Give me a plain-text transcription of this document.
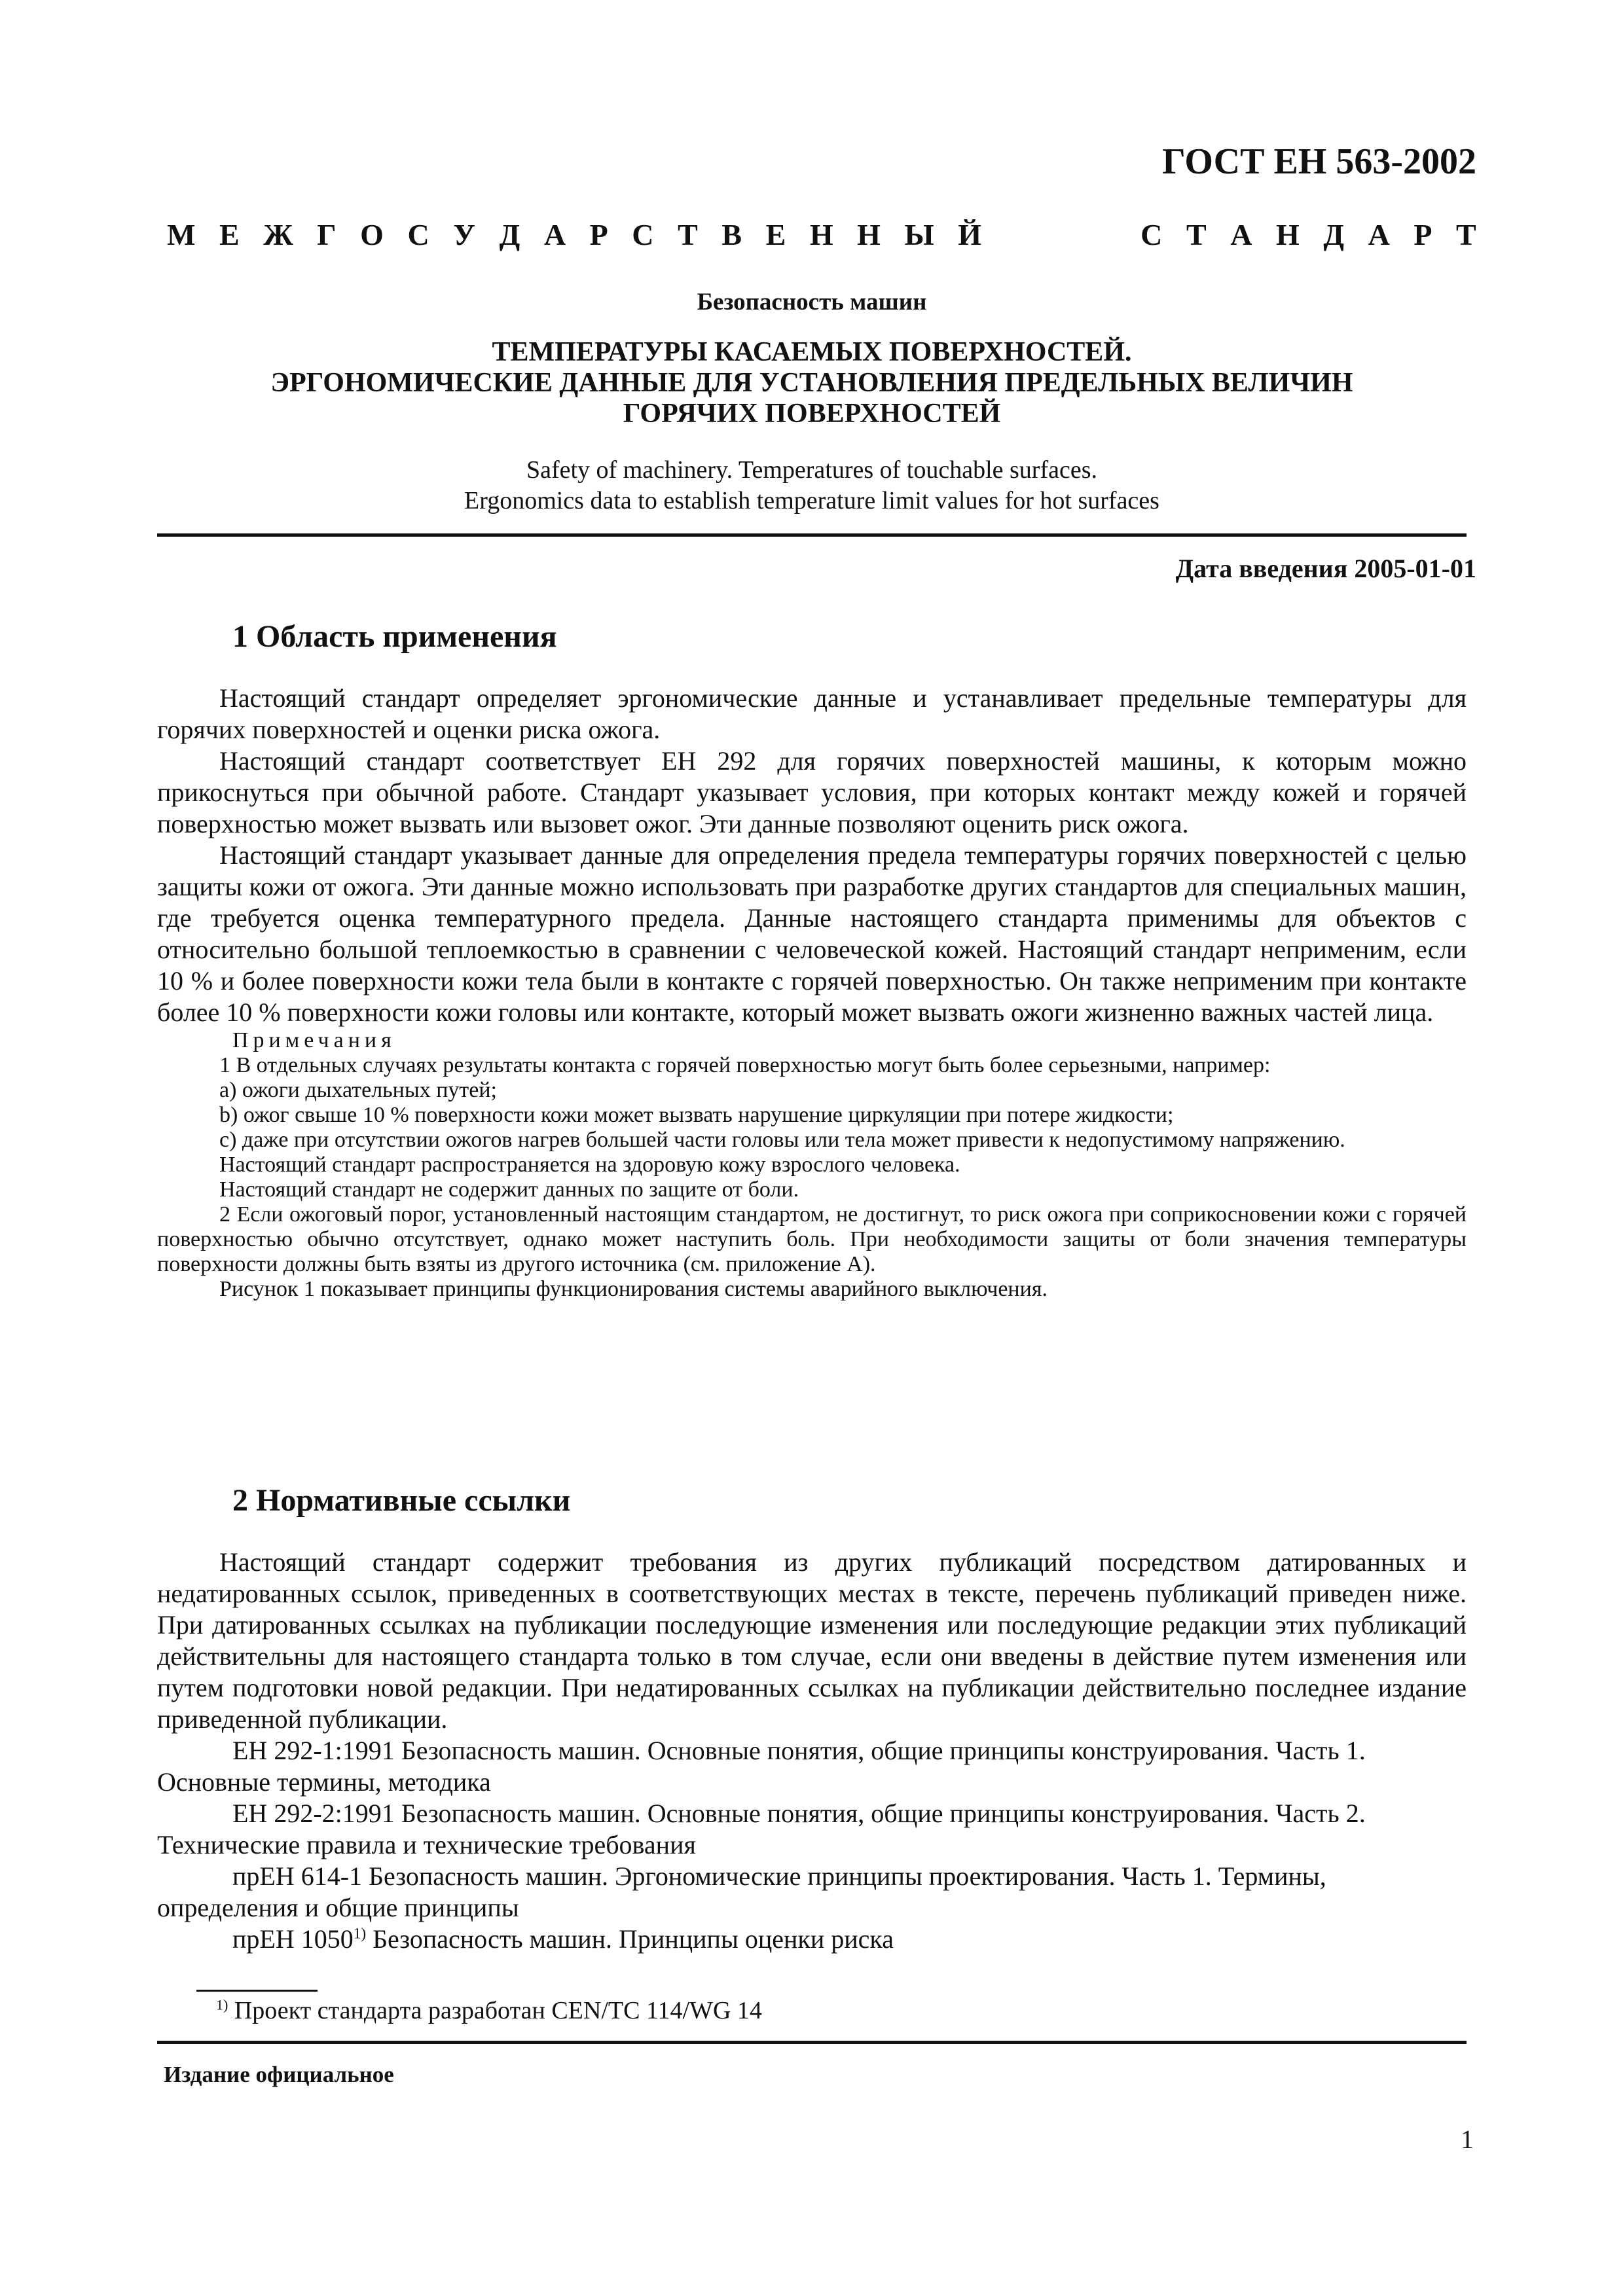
ГОСТ ЕН 563-2002
М Е Ж Г О С У Д А Р С Т В Е Н Н Ы Й	С Т А Н Д А Р Т
Безопасность машин
ТЕМПЕРАТУРЫ КАСАЕМЫХ ПОВЕРХНОСТЕЙ.
ЭРГОНОМИЧЕСКИЕ ДАННЫЕ ДЛЯ УСТАНОВЛЕНИЯ ПРЕДЕЛЬНЫХ ВЕЛИЧИН
ГОРЯЧИХ ПОВЕРХНОСТЕЙ
Safety of machinery. Temperatures of touchable surfaces.
Ergonomics data to establish temperature limit values for hot surfaces
Дата введения 2005-01-01
1 Область применения

Настоящий стандарт определяет эргономические данные и устанавливает предельные температуры для горячих поверхностей и оценки риска ожога.

Настоящий стандарт соответствует ЕН 292 для горячих поверхностей машины, к которым можно прикоснуться при обычной работе. Стандарт указывает условия, при которых контакт между кожей и горячей поверхностью может вызвать или вызовет ожог. Эти данные позволяют оценить риск ожога.

Настоящий стандарт указывает данные для определения предела температуры горячих поверхностей с целью защиты кожи от ожога. Эти данные можно использовать при разработке других стандартов для специальных машин, где требуется оценка температурного предела. Данные настоящего стандарта применимы для объектов с относительно большой теплоемкостью в сравнении с человеческой кожей. Настоящий стандарт неприменим, если 10 % и более поверхности кожи тела были в контакте с горячей поверхностью. Он также неприменим при контакте более 10 % поверхности кожи головы или контакте, который может вызвать ожоги жизненно важных частей лица.

Примечания

1 В отдельных случаях результаты контакта с горячей поверхностью могут быть более серьезными, например:

а) ожоги дыхательных путей;

b) ожог свыше 10 % поверхности кожи может вызвать нарушение циркуляции при потере жидкости;

с) даже при отсутствии ожогов нагрев большей части головы или тела может привести к недопустимому напряжению.

Настоящий стандарт распространяется на здоровую кожу взрослого человека.

Настоящий стандарт не содержит данных по защите от боли.

2 Если ожоговый порог, установленный настоящим стандартом, не достигнут, то риск ожога при соприкосновении кожи с горячей поверхностью обычно отсутствует, однако может наступить боль. При необходимости защиты от боли значения температуры поверхности должны быть взяты из другого источника (см. приложение А).

Рисунок 1 показывает принципы функционирования системы аварийного выключения.

2 Нормативные ссылки

Настоящий стандарт содержит требования из других публикаций посредством датированных и недатированных ссылок, приведенных в соответствующих местах в тексте, перечень публикаций приведен ниже. При датированных ссылках на публикации последующие изменения или последующие редакции этих публикаций действительны для настоящего стандарта только в том случае, если они введены в действие путем изменения или путем подготовки новой редакции. При недатированных ссылках на публикации действительно последнее издание приведенной публикации.

ЕН 292-1:1991 Безопасность машин. Основные понятия, общие принципы конструирования. Часть 1. Основные термины, методика

ЕН 292-2:1991 Безопасность машин. Основные понятия, общие принципы конструирования. Часть 2. Технические правила и технические требования

прЕН 614-1 Безопасность машин. Эргономические принципы проектирования. Часть 1. Термины, определения и общие принципы

прЕН 1050$^{1)}$ Безопасность машин. Принципы оценки риска

$^{1)}$ Проект стандарта разработан CEN/TC 114/WG 14
Издание официальное
1
